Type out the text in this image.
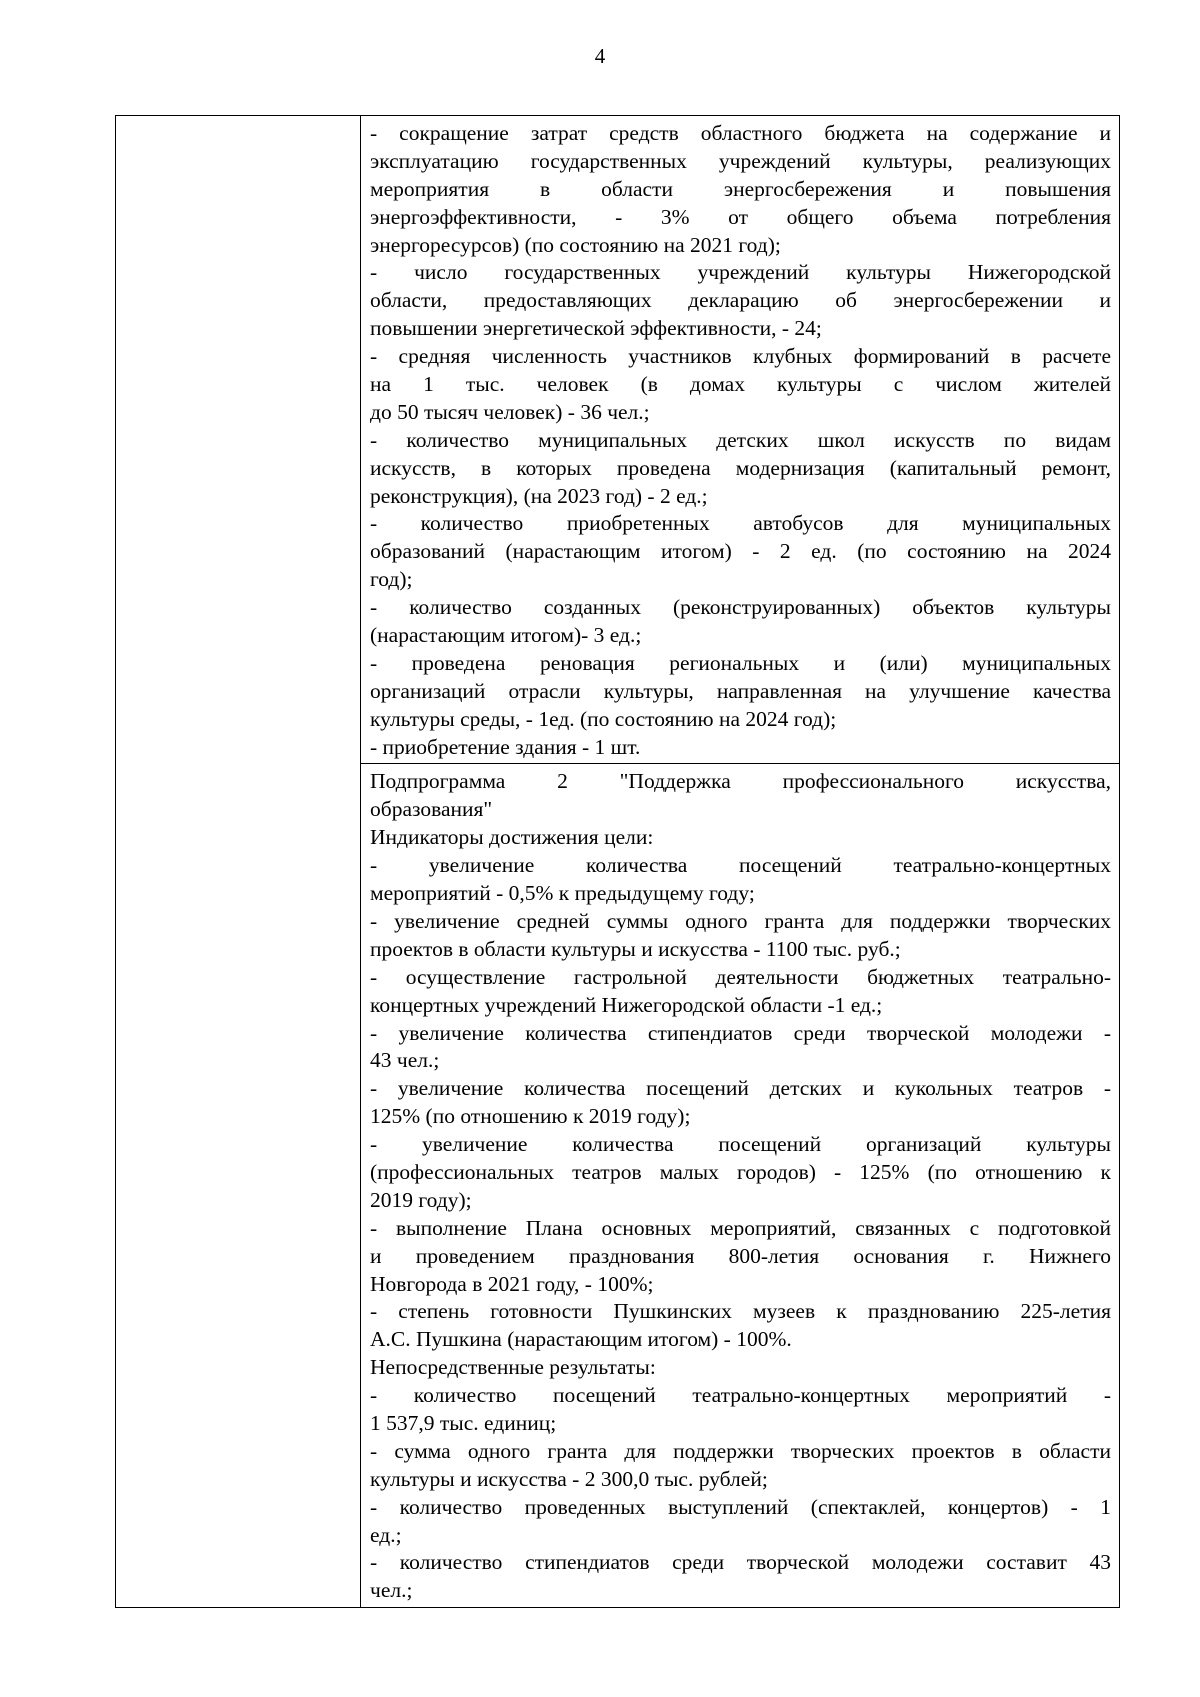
4

- сокращение затрат средств областного бюджета на содержание и
эксплуатацию государственных учреждений культуры, реализующих
мероприятия в области энергосбережения и повышения
энергоэффективности, - 3% от общего объема потребления
энергоресурсов) (по состоянию на 2021 год);
- число государственных учреждений культуры Нижегородской
области, предоставляющих декларацию об энергосбережении и
повышении энергетической эффективности, - 24;
- средняя численность участников клубных формирований в расчете
на 1 тыс. человек (в домах культуры с числом жителей
до 50 тысяч человек) - 36 чел.;
- количество муниципальных детских школ искусств по видам
искусств, в которых проведена модернизация (капитальный ремонт,
реконструкция), (на 2023 год) - 2 ед.;
- количество приобретенных автобусов для муниципальных
образований (нарастающим итогом) - 2 ед. (по состоянию на 2024
год);
- количество созданных (реконструированных) объектов культуры
(нарастающим итогом)- 3 ед.;
- проведена реновация региональных и (или) муниципальных
организаций отрасли культуры, направленная на улучшение качества
культуры среды, - 1ед. (по состоянию на 2024 год);
- приобретение здания - 1 шт.

Подпрограмма 2 "Поддержка профессионального искусства,
образования"
Индикаторы достижения цели:
- увеличение количества посещений театрально-концертных
мероприятий - 0,5% к предыдущему году;
- увеличение средней суммы одного гранта для поддержки творческих
проектов в области культуры и искусства - 1100 тыс. руб.;
- осуществление гастрольной деятельности бюджетных театрально-
концертных учреждений Нижегородской области -1 ед.;
- увеличение количества стипендиатов среди творческой молодежи -
43 чел.;
- увеличение количества посещений детских и кукольных театров -
125% (по отношению к 2019 году);
- увеличение количества посещений организаций культуры
(профессиональных театров малых городов) - 125% (по отношению к
2019 году);
- выполнение Плана основных мероприятий, связанных с подготовкой
и проведением празднования 800-летия основания г. Нижнего
Новгорода в 2021 году, - 100%;
- степень готовности Пушкинских музеев к празднованию 225-летия
А.С. Пушкина (нарастающим итогом) - 100%.
Непосредственные результаты:
- количество посещений театрально-концертных мероприятий -
1 537,9 тыс. единиц;
- сумма одного гранта для поддержки творческих проектов в области
культуры и искусства - 2 300,0 тыс. рублей;
- количество проведенных выступлений (спектаклей, концертов) - 1
ед.;
- количество стипендиатов среди творческой молодежи составит 43
чел.;
